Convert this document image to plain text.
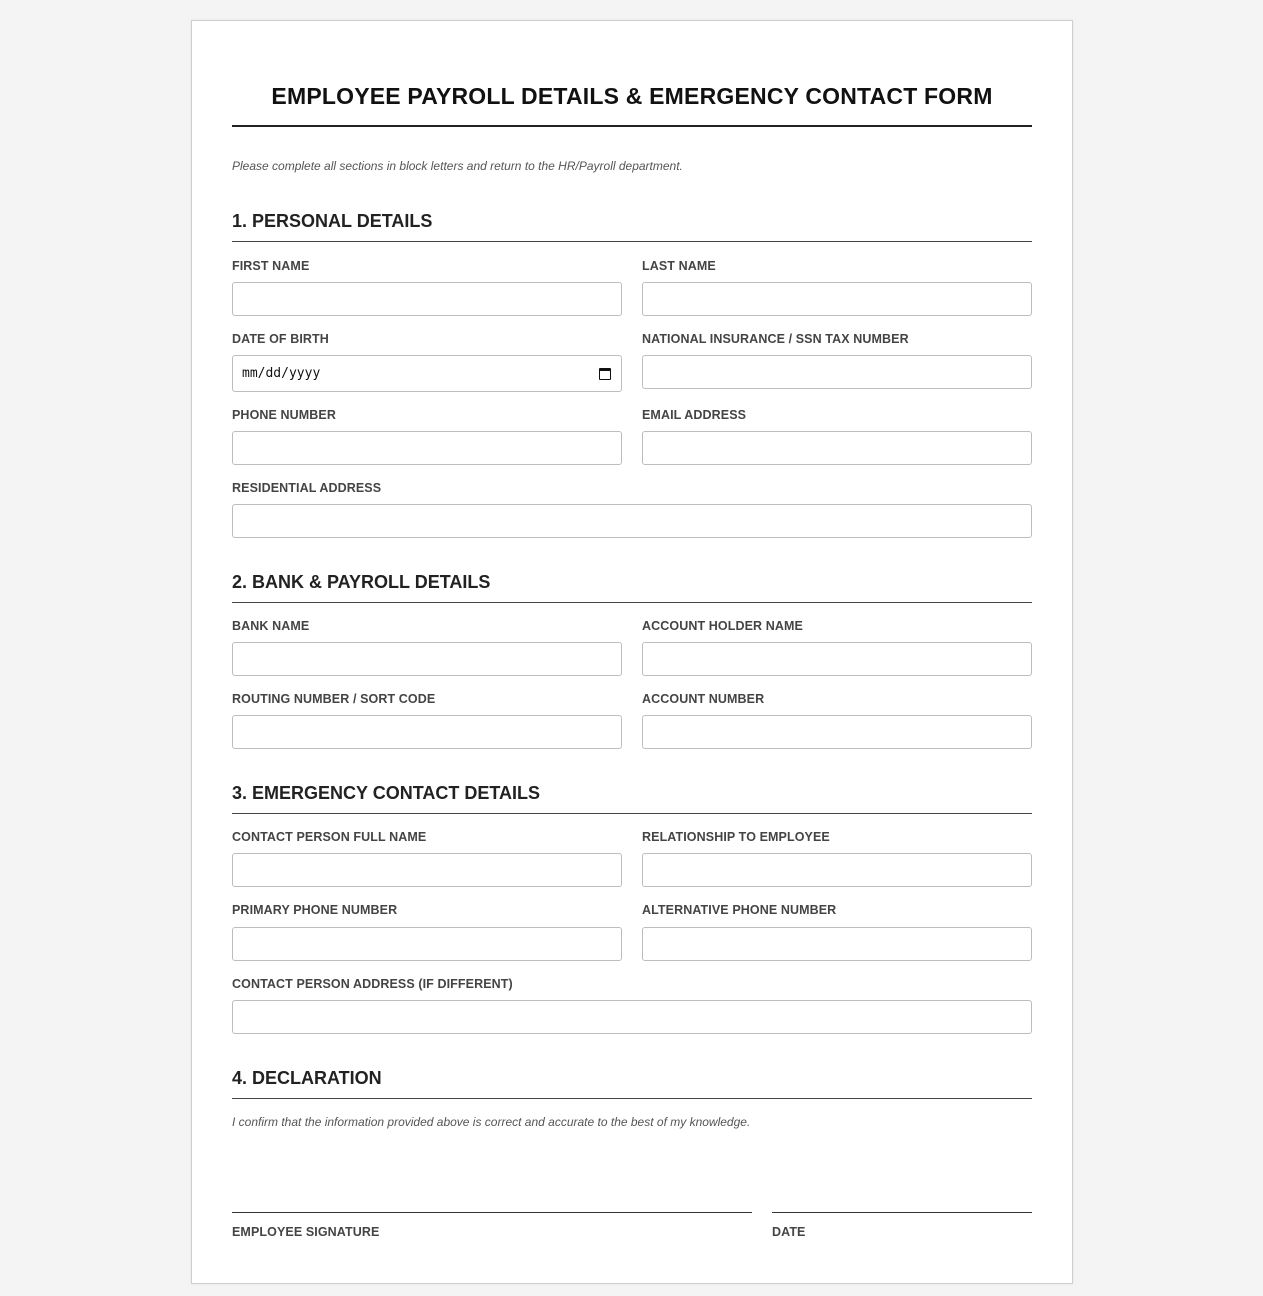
EMPLOYEE PAYROLL DETAILS & EMERGENCY CONTACT FORM
Please complete all sections in block letters and return to the HR/Payroll department.
1. PERSONAL DETAILS
FIRST NAME	LAST NAME
DATE OF BIRTH	NATIONAL INSURANCE / SSN TAX NUMBER
mm/dd/yyyy
PHONE NUMBER	EMAIL ADDRESS
RESIDENTIAL ADDRESS
2. BANK & PAYROLL DETAILS
BANK NAME	ACCOUNT HOLDER NAME
ROUTING NUMBER / SORT CODE	ACCOUNT NUMBER
3. EMERGENCY CONTACT DETAILS
CONTACT PERSON FULL NAME	RELATIONSHIP TO EMPLOYEE
PRIMARY PHONE NUMBER	ALTERNATIVE PHONE NUMBER
CONTACT PERSON ADDRESS (IF DIFFERENT)
4. DECLARATION
I confirm that the information provided above is correct and accurate to the best of my knowledge.
EMPLOYEE SIGNATURE	DATE
